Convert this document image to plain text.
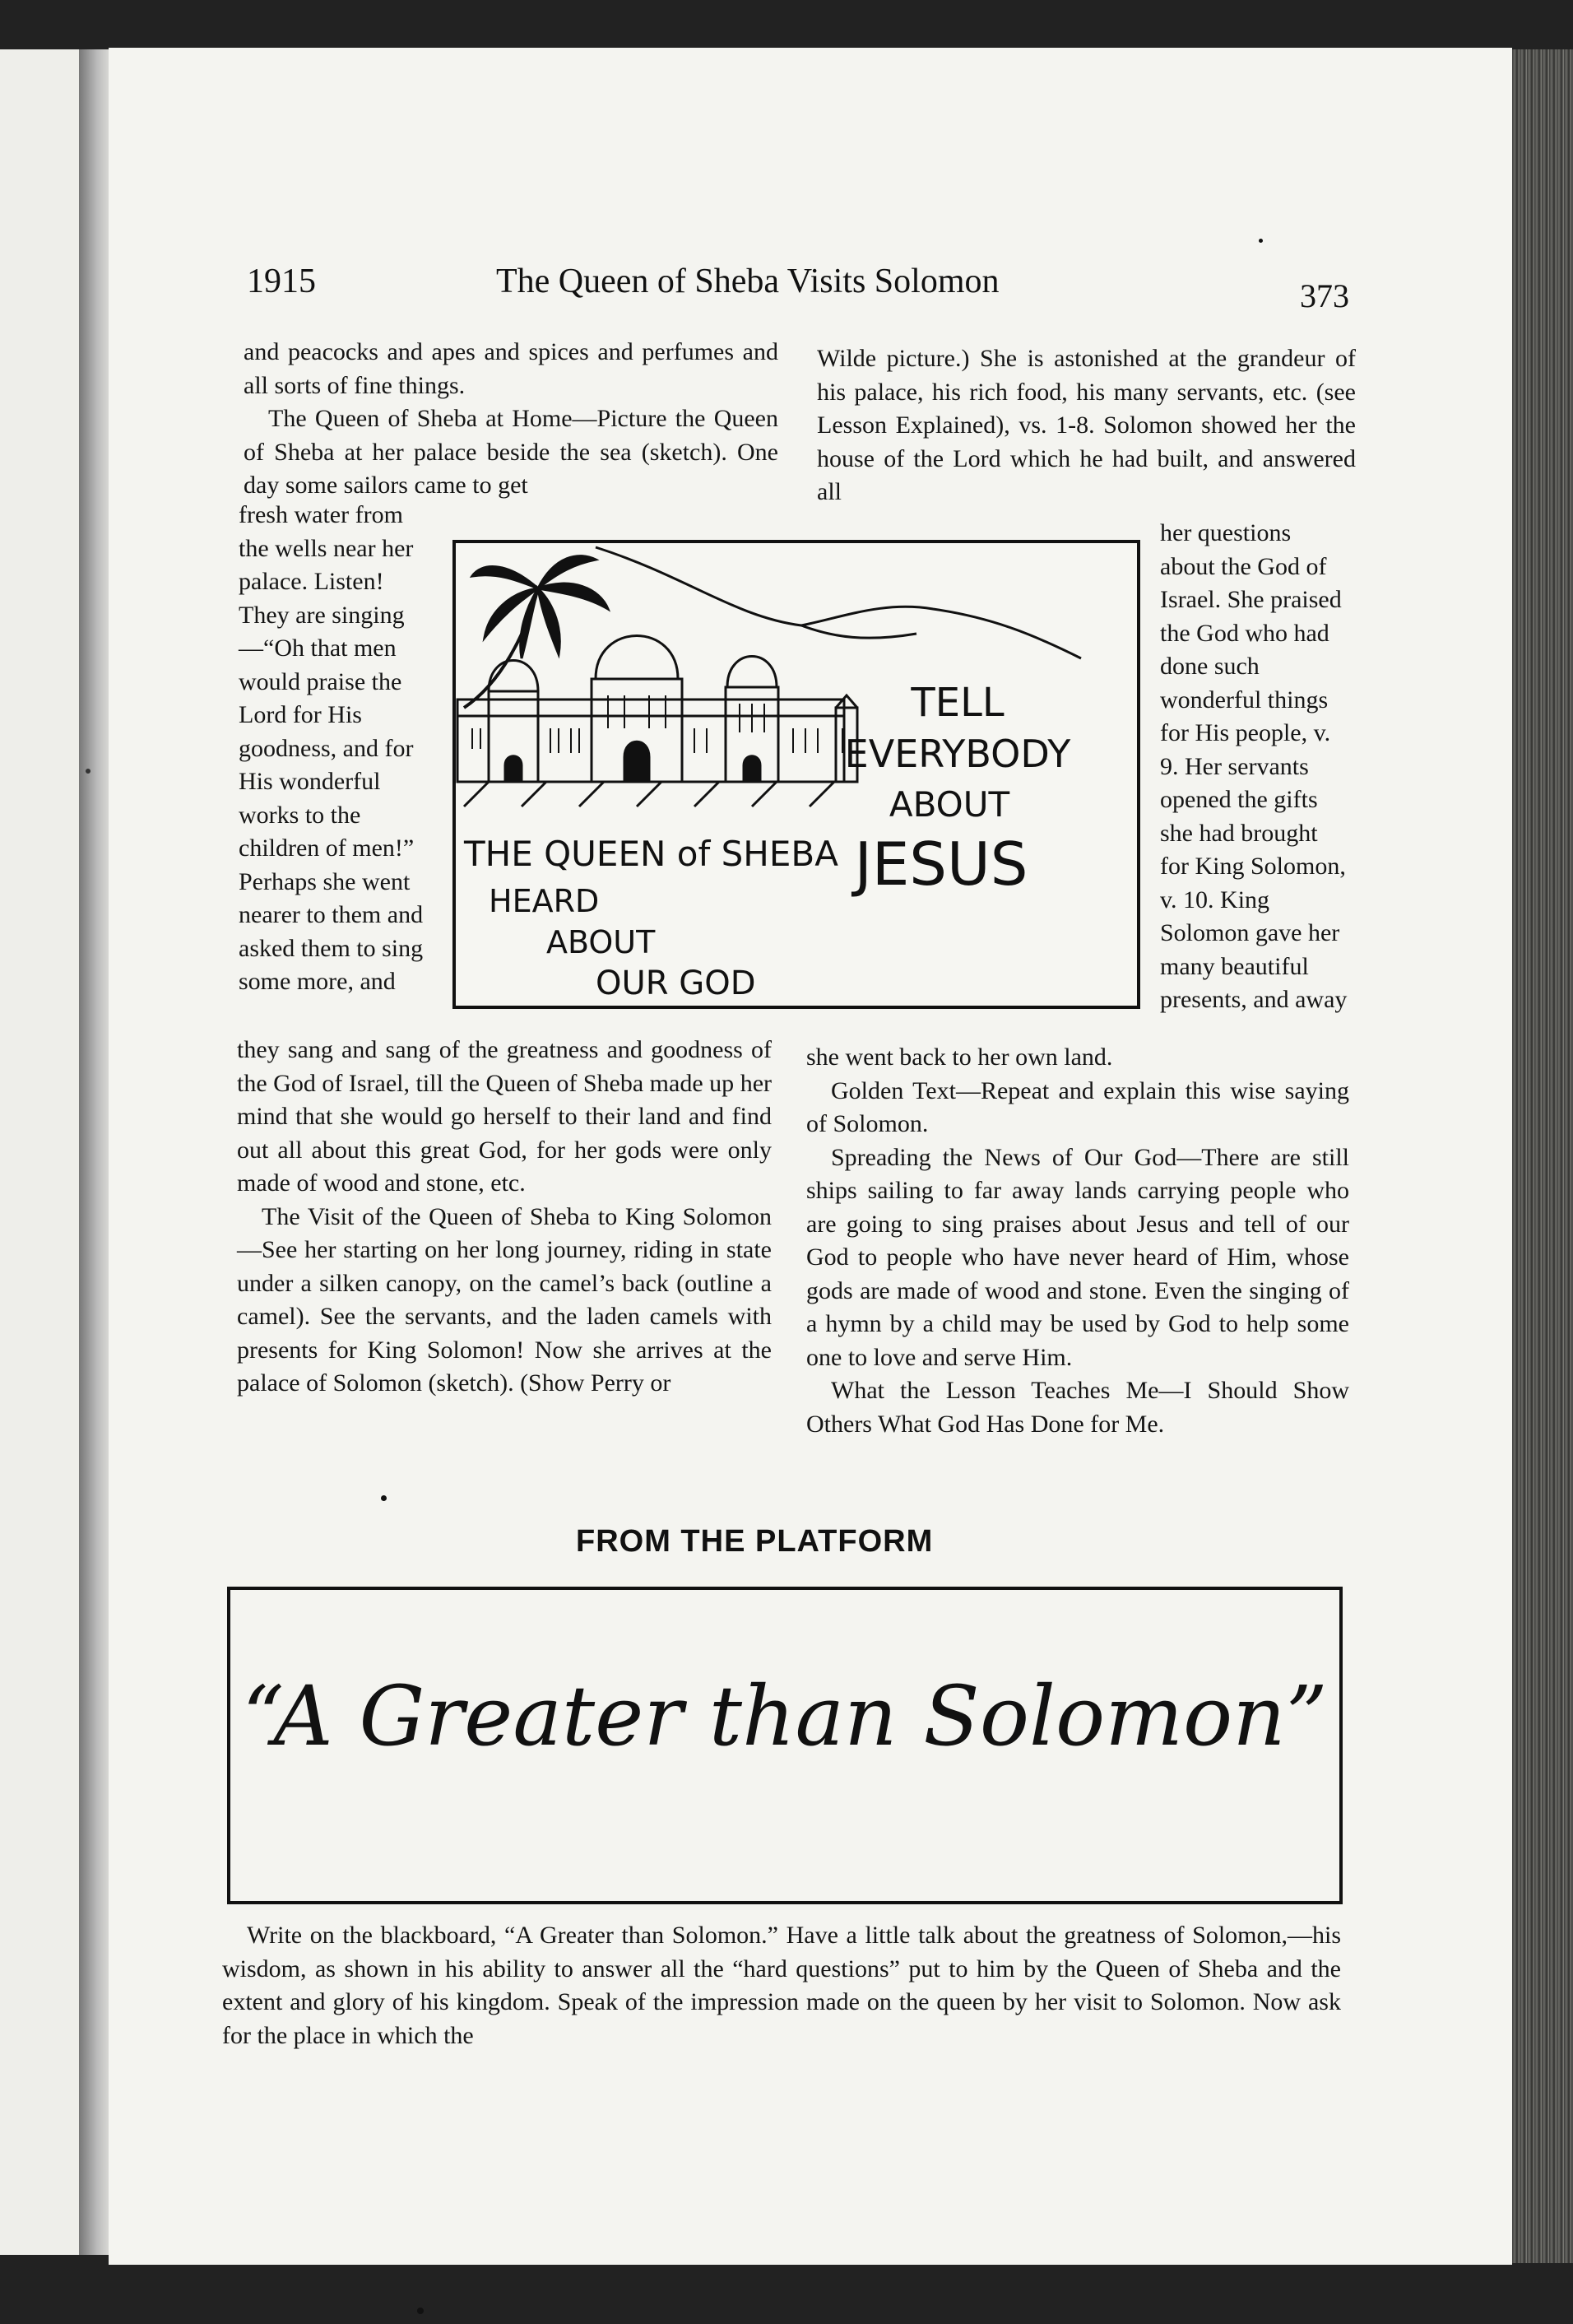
1915	The Queen of Sheba Visits Solomon	373

and peacocks and apes and spices and perfumes and all sorts of fine things.

The Queen of Sheba at Home—Picture the Queen of Sheba at her palace beside the sea (sketch). One day some sailors came to get

fresh water from the wells near her palace. Listen! They are singing—“Oh that men would praise the Lord for His goodness, and for His wonderful works to the children of men!” Perhaps she went nearer to them and asked them to sing some more, and

they sang and sang of the greatness and goodness of the God of Israel, till the Queen of Sheba made up her mind that she would go herself to their land and find out all about this great God, for her gods were only made of wood and stone, etc.

The Visit of the Queen of Sheba to King Solomon—See her starting on her long journey, riding in state under a silken canopy, on the camel’s back (outline a camel). See the servants, and the laden camels with presents for King Solomon! Now she arrives at the palace of Solomon (sketch). (Show Perry or

Wilde picture.) She is astonished at the grandeur of his palace, his rich food, his many servants, etc. (see Lesson Explained), vs. 1-8. Solomon showed her the house of the Lord which he had built, and answered all

her questions about the God of Israel. She praised the God who had done such wonderful things for His people, v. 9. Her servants opened the gifts she had brought for King Solomon, v. 10. King Solomon gave her many beautiful presents, and away

she went back to her own land.

Golden Text—Repeat and explain this wise saying of Solomon.

Spreading the News of Our God—There are still ships sailing to far away lands carrying people who are going to sing praises about Jesus and tell of our God to people who have never heard of Him, whose gods are made of wood and stone. Even the singing of a hymn by a child may be used by God to help some one to love and serve Him.

What the Lesson Teaches Me—I Should Show Others What God Has Done for Me.

THE QUEEN of SHEBA
HEARD
ABOUT
OUR GOD
TELL
EVERYBODY
ABOUT
JESUS
FROM THE PLATFORM
“A Greater than Solomon”

Write on the blackboard, “A Greater than Solomon.” Have a little talk about the greatness of Solomon,—his wisdom, as shown in his ability to answer all the “hard questions” put to him by the Queen of Sheba and the extent and glory of his kingdom. Speak of the impression made on the queen by her visit to Solomon. Now ask for the place in which the
